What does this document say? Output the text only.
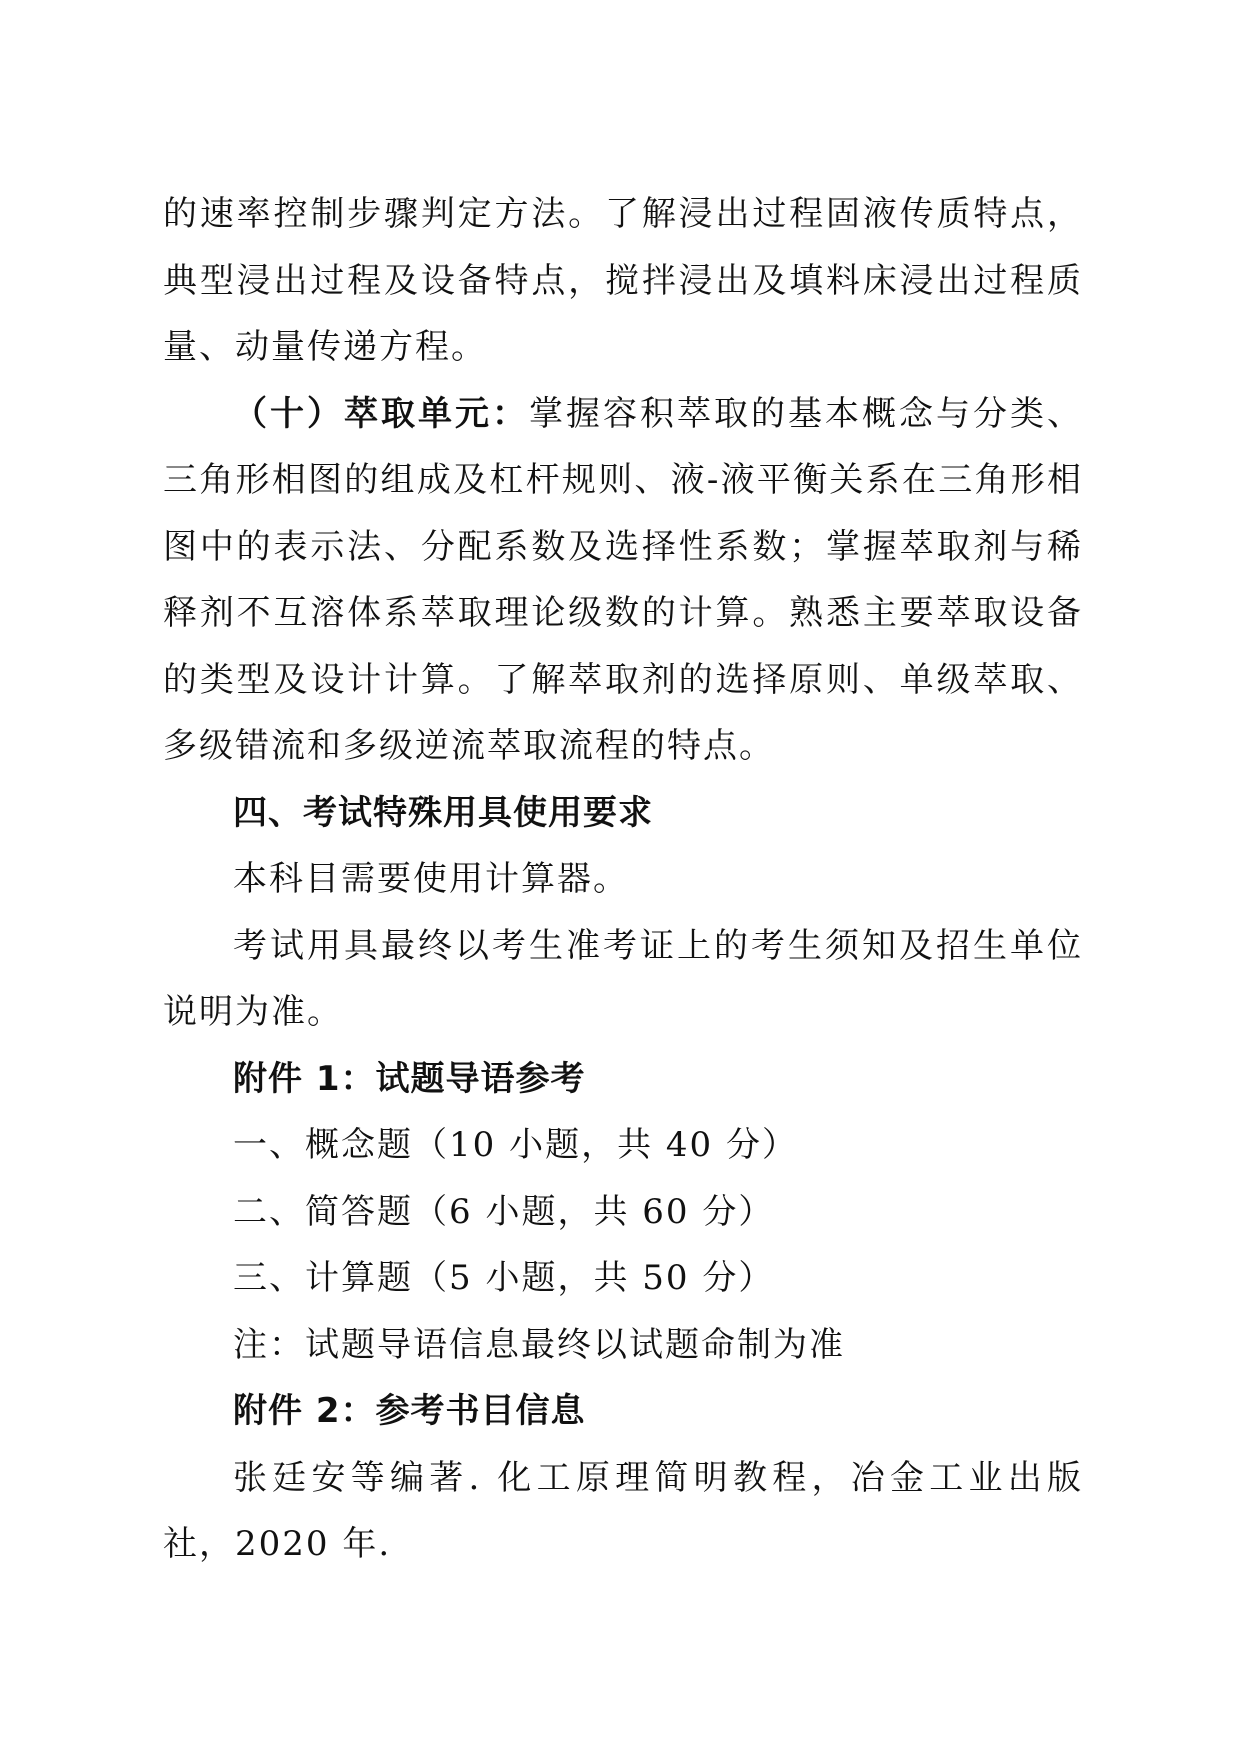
的速率控制步骤判定方法。了解浸出过程固液传质特点，典型浸出过程及设备特点，搅拌浸出及填料床浸出过程质量、动量传递方程。

（十）萃取单元：掌握容积萃取的基本概念与分类、三角形相图的组成及杠杆规则、液-液平衡关系在三角形相图中的表示法、分配系数及选择性系数；掌握萃取剂与稀释剂不互溶体系萃取理论级数的计算。熟悉主要萃取设备的类型及设计计算。了解萃取剂的选择原则、单级萃取、多级错流和多级逆流萃取流程的特点。

四、考试特殊用具使用要求

本科目需要使用计算器。

考试用具最终以考生准考证上的考生须知及招生单位说明为准。

附件 1：试题导语参考

一、概念题（10 小题，共 40 分）

二、简答题（6 小题，共 60 分）

三、计算题（5 小题，共 50 分）

注：试题导语信息最终以试题命制为准

附件 2：参考书目信息

张廷安等编著. 化工原理简明教程，冶金工业出版社，2020 年.
